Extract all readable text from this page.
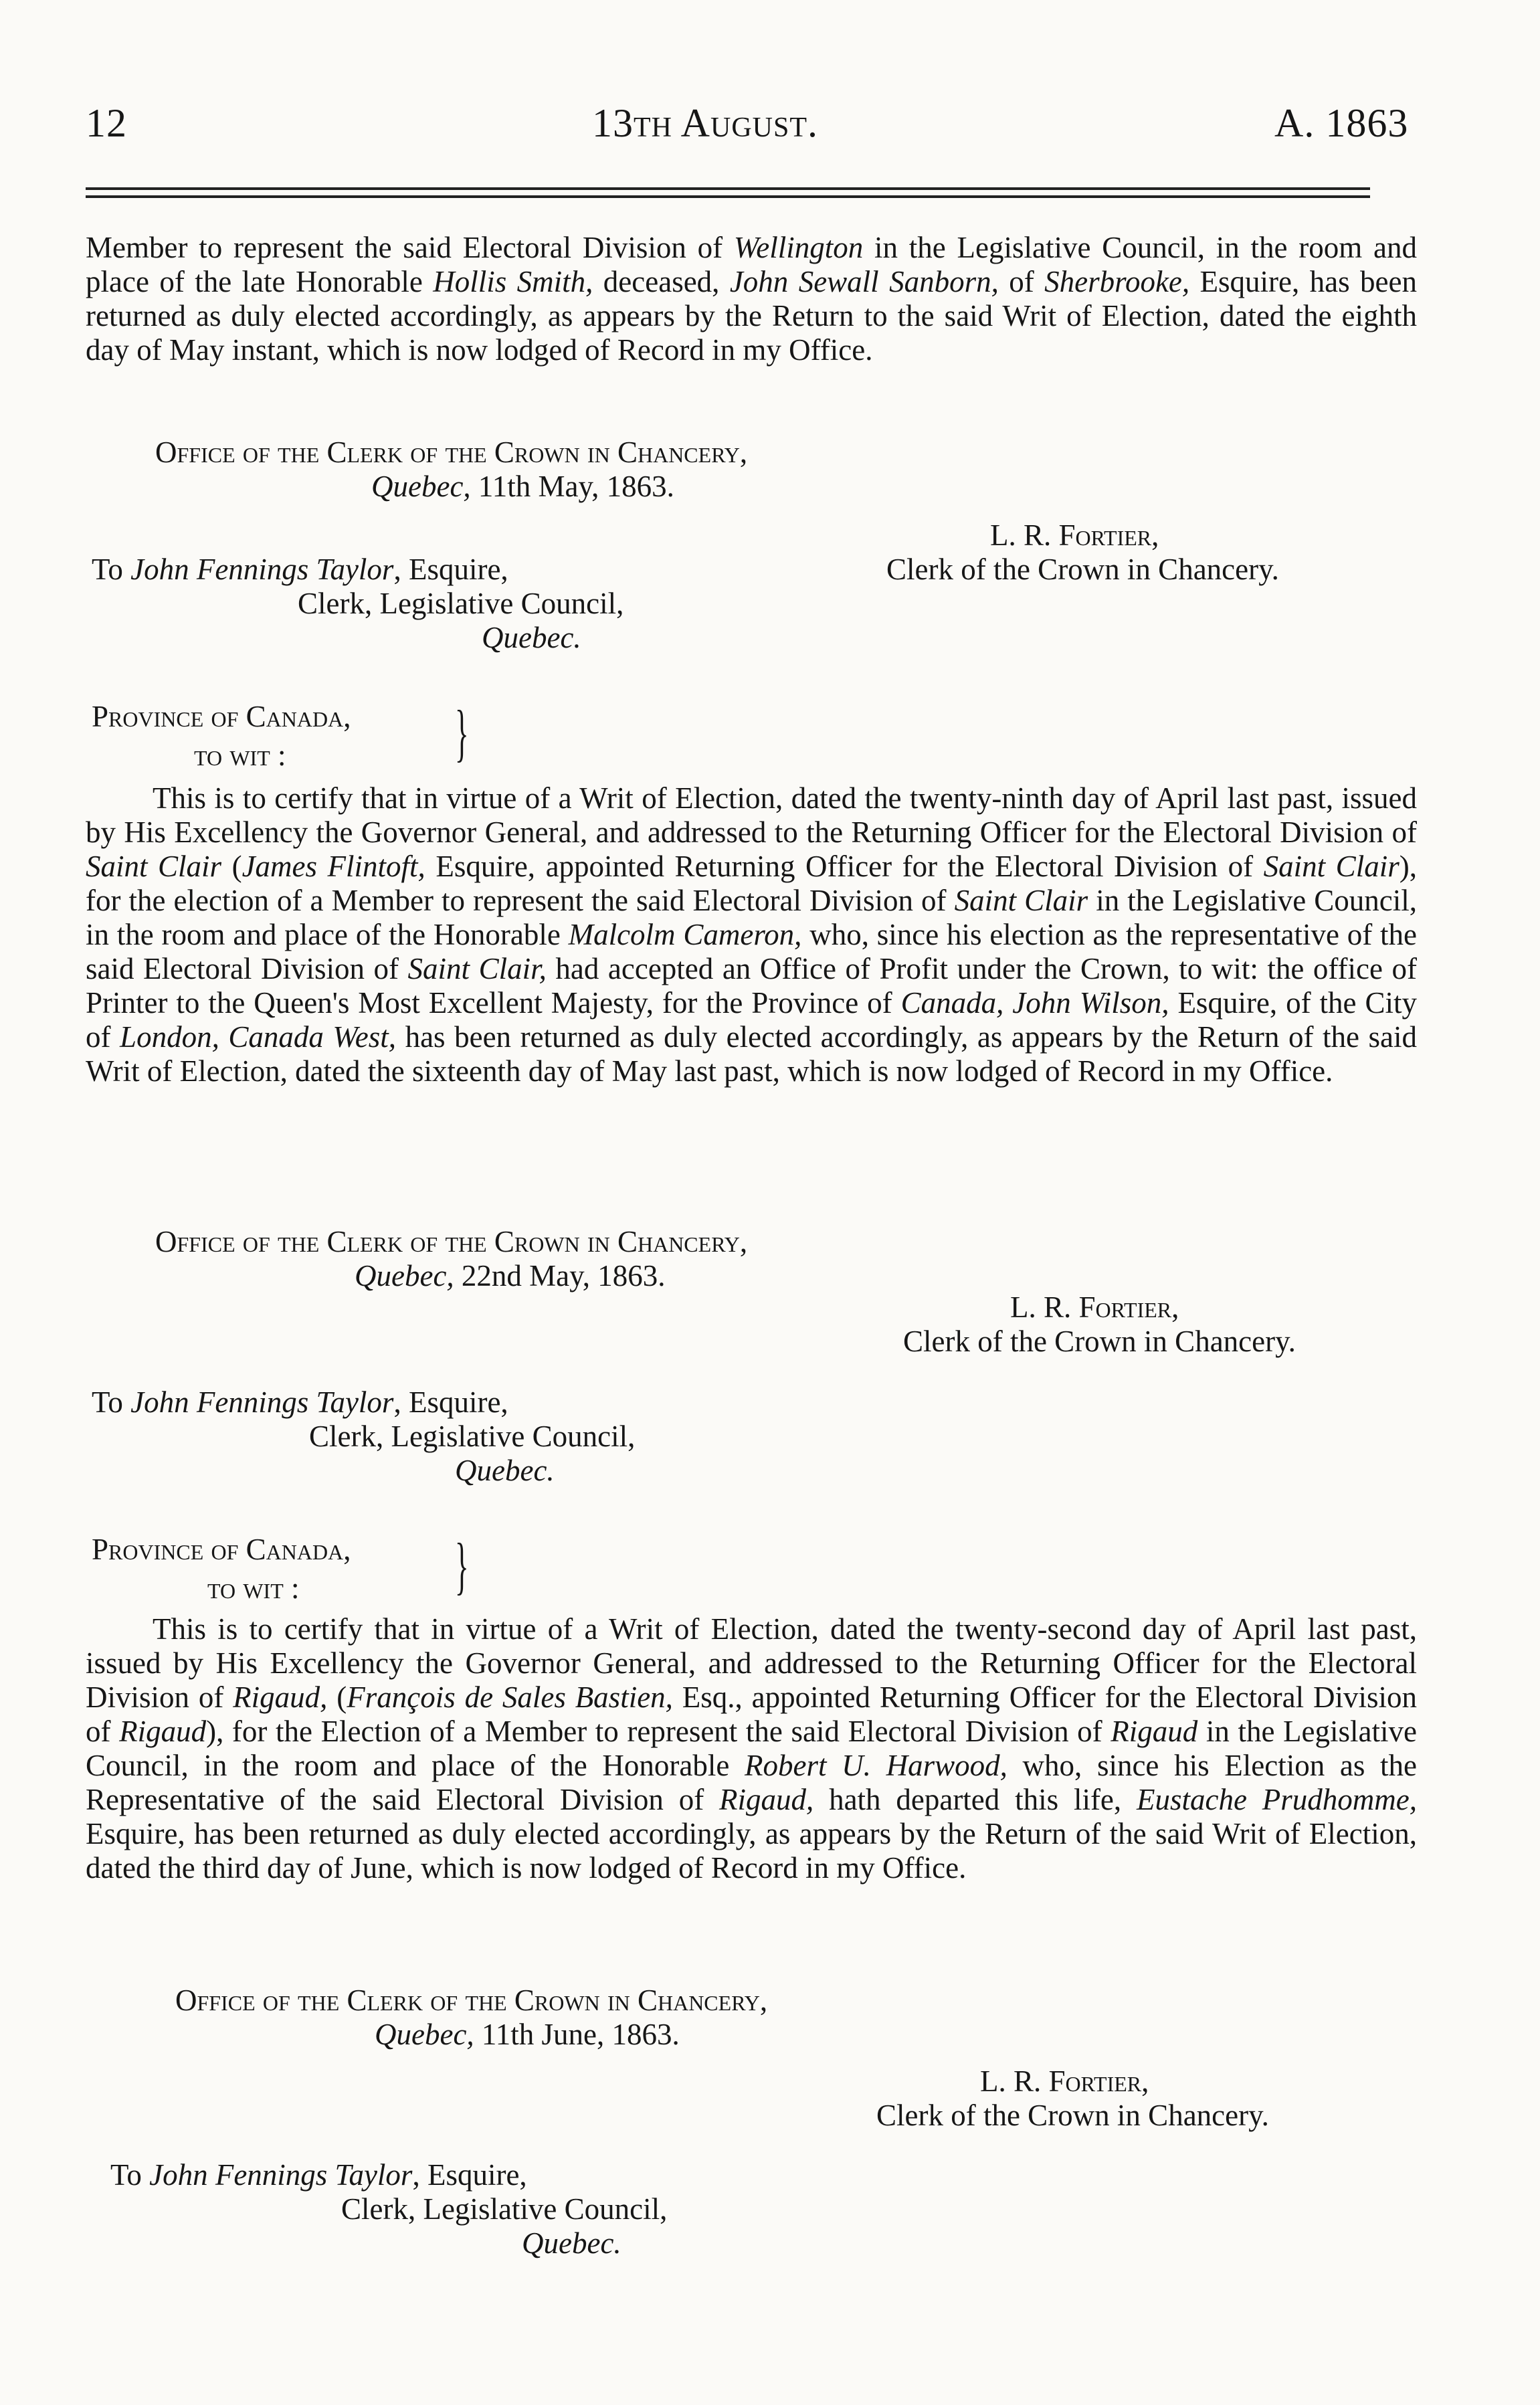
12	13th August.	A. 1863

Member to represent the said Electoral Division of Wellington in the Legislative Council, in the room and place of the late Honorable Hollis Smith, deceased, John Sewall Sanborn, of Sherbrooke, Esquire, has been returned as duly elected accordingly, as appears by the Return to the said Writ of Election, dated the eighth day of May instant, which is now lodged of Record in my Office.

Office of the Clerk of the Crown in Chancery,
Quebec, 11th May, 1863.
L. R. Fortier,
Clerk of the Crown in Chancery.
To John Fennings Taylor, Esquire,
Clerk, Legislative Council,
Quebec.
Province of Canada,
to wit :	}

This is to certify that in virtue of a Writ of Election, dated the twenty-ninth day of April last past, issued by His Excellency the Governor General, and addressed to the Returning Officer for the Electoral Division of Saint Clair (James Flintoft, Esquire, appointed Returning Officer for the Electoral Division of Saint Clair), for the election of a Member to represent the said Electoral Division of Saint Clair in the Legislative Council, in the room and place of the Honorable Malcolm Cameron, who, since his election as the representative of the said Electoral Division of Saint Clair, had accepted an Office of Profit under the Crown, to wit: the office of Printer to the Queen's Most Excellent Majesty, for the Province of Canada, John Wilson, Esquire, of the City of London, Canada West, has been returned as duly elected accordingly, as appears by the Return of the said Writ of Election, dated the sixteenth day of May last past, which is now lodged of Record in my Office.

Office of the Clerk of the Crown in Chancery,
Quebec, 22nd May, 1863.
L. R. Fortier,
Clerk of the Crown in Chancery.
To John Fennings Taylor, Esquire,
Clerk, Legislative Council,
Quebec.
Province of Canada,
to wit : }

This is to certify that in virtue of a Writ of Election, dated the twenty-second day of April last past, issued by His Excellency the Governor General, and addressed to the Returning Officer for the Electoral Division of Rigaud, (François de Sales Bastien, Esq., appointed Returning Officer for the Electoral Division of Rigaud), for the Election of a Member to represent the said Electoral Division of Rigaud in the Legislative Council, in the room and place of the Honorable Robert U. Harwood, who, since his Election as the Representative of the said Electoral Division of Rigaud, hath departed this life, Eustache Prudhomme, Esquire, has been returned as duly elected accordingly, as appears by the Return of the said Writ of Election, dated the third day of June, which is now lodged of Record in my Office.

Office of the Clerk of the Crown in Chancery,
Quebec, 11th June, 1863.
L. R. Fortier,
Clerk of the Crown in Chancery.
To John Fennings Taylor, Esquire,
Clerk, Legislative Council,
Quebec.
